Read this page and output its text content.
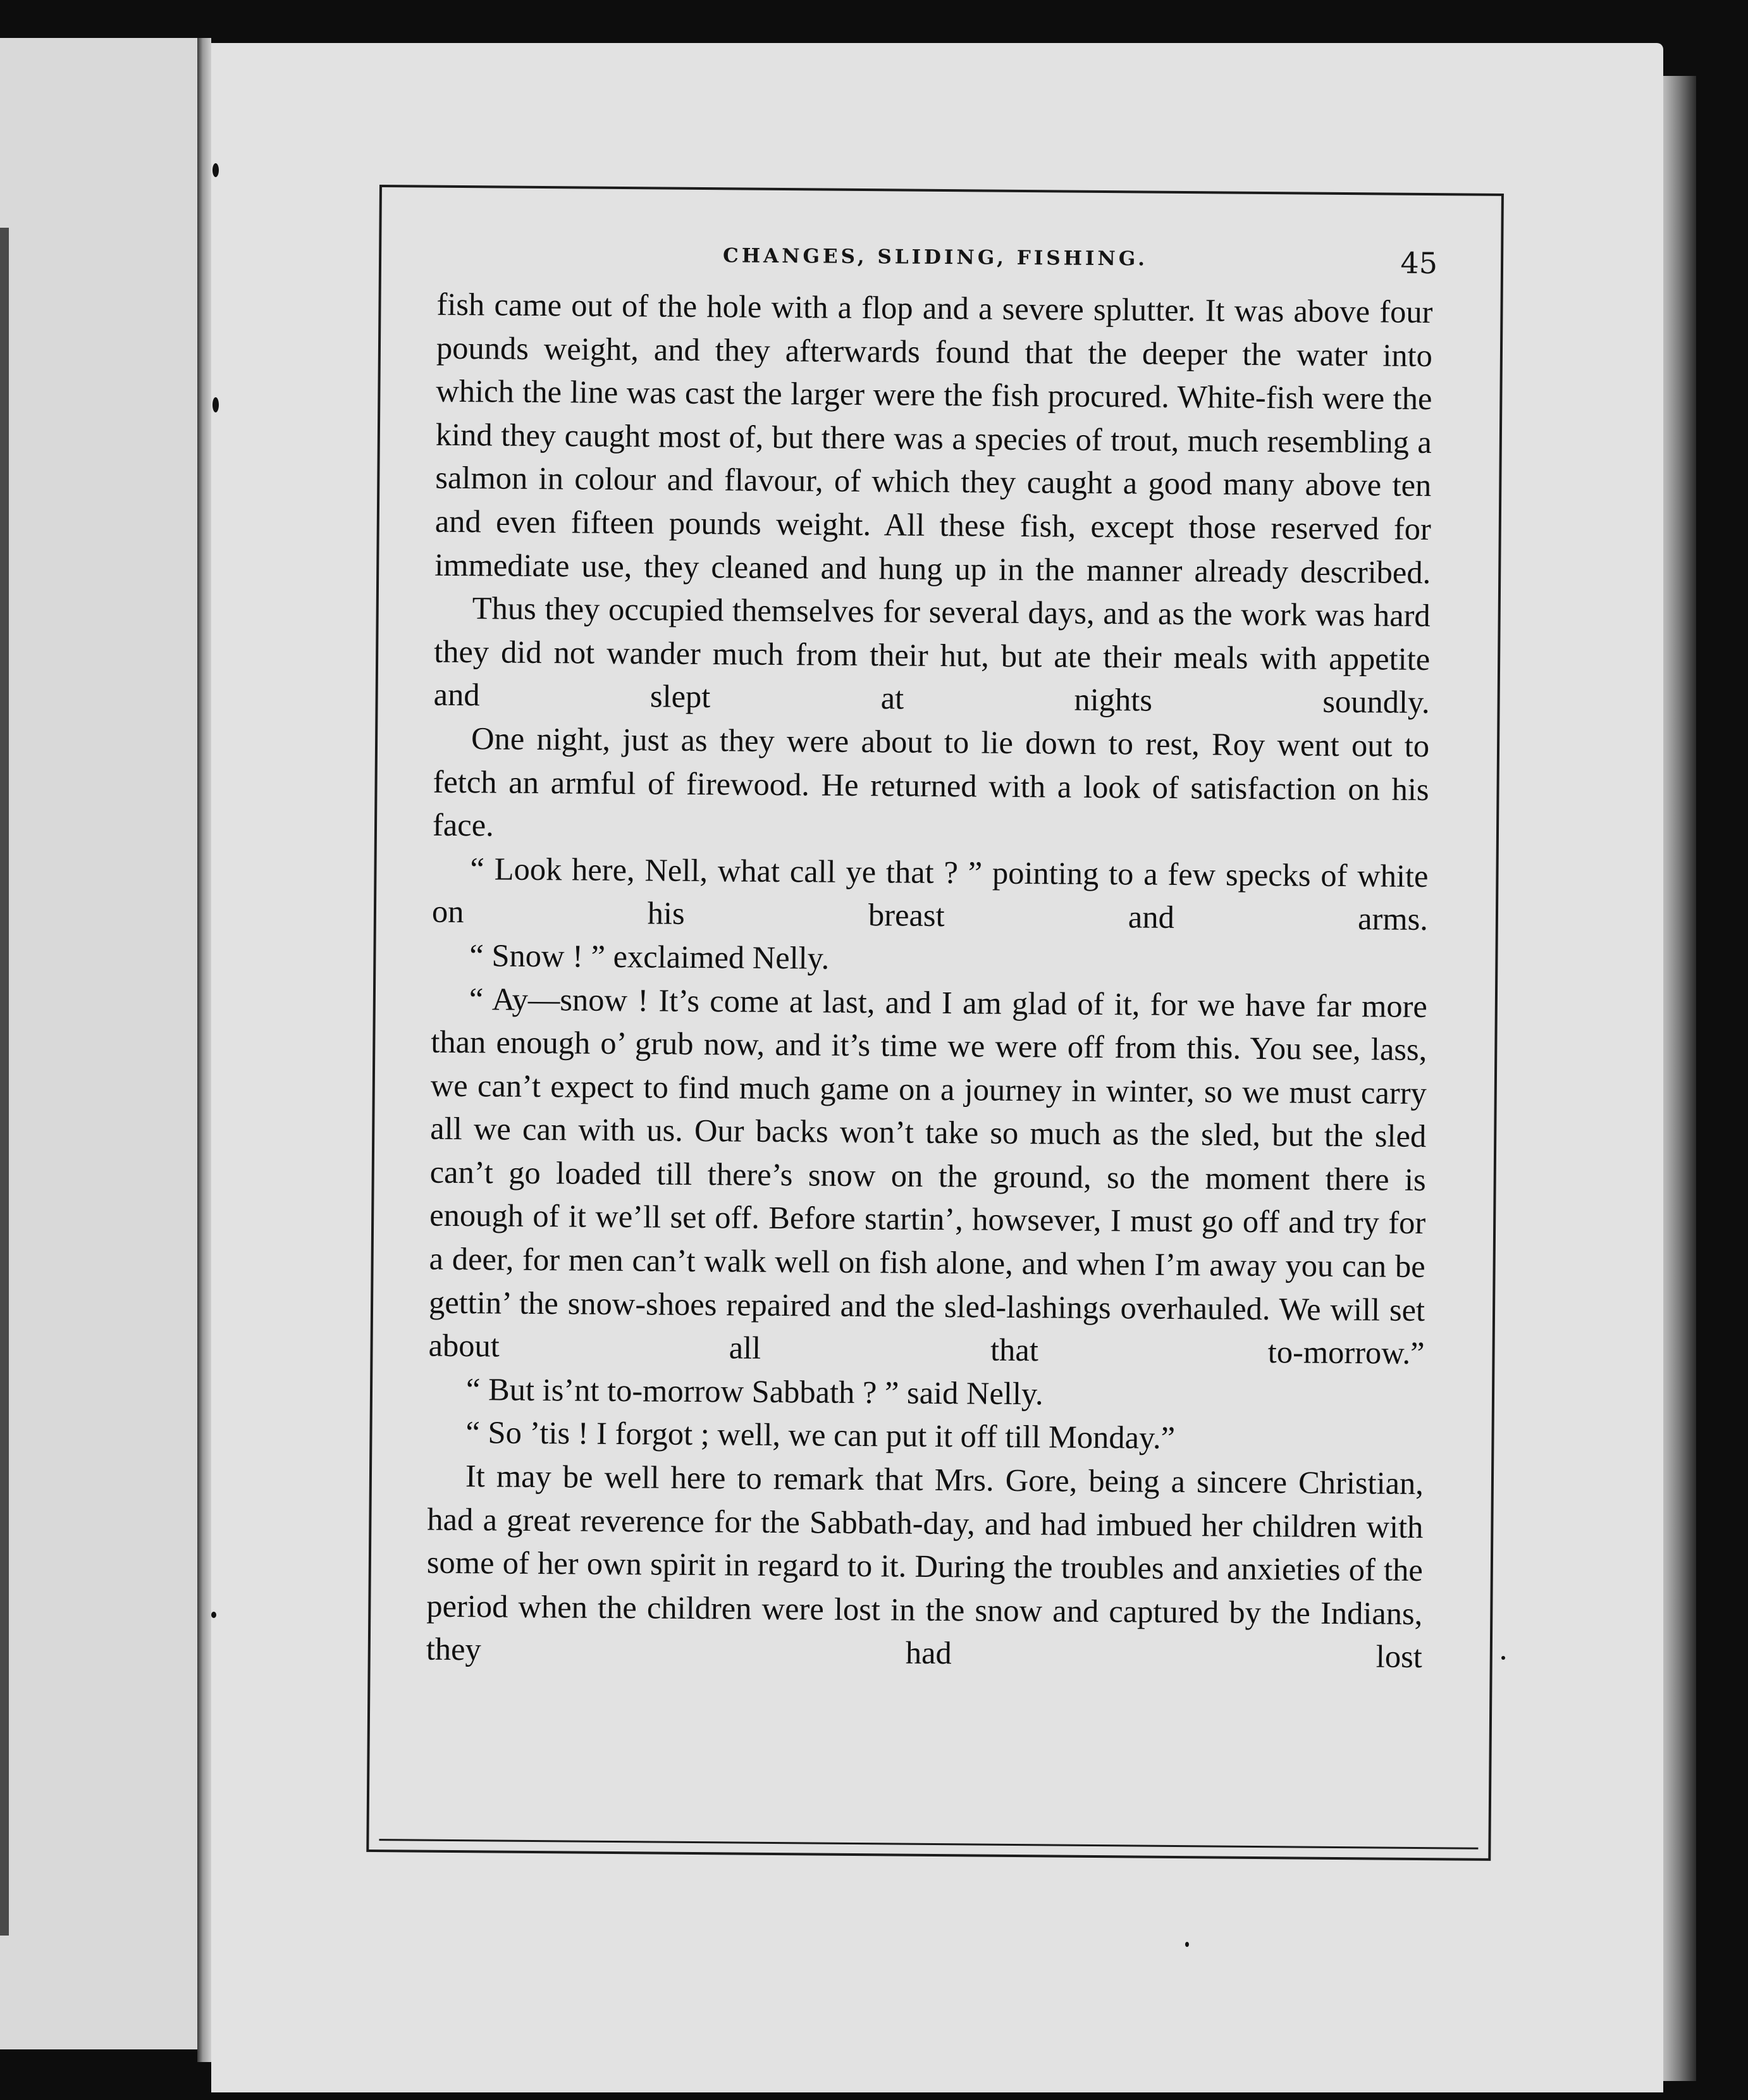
CHANGES, SLIDING, FISHING.	45

fish came out of the hole with a flop and a severe splutter. It was above four pounds weight, and they afterwards found that the deeper the water into which the line was cast the larger were the fish procured. White-fish were the kind they caught most of, but there was a species of trout, much resembling a salmon in colour and flavour, of which they caught a good many above ten and even fifteen pounds weight. All these fish, except those reserved for immediate use, they cleaned and hung up in the manner already described.

Thus they occupied themselves for several days, and as the work was hard they did not wander much from their hut, but ate their meals with appetite and slept at nights soundly.

One night, just as they were about to lie down to rest, Roy went out to fetch an armful of firewood. He returned with a look of satisfaction on his face.

“ Look here, Nell, what call ye that ? ” pointing to a few specks of white on his breast and arms.

“ Snow ! ” exclaimed Nelly.

“ Ay—snow ! It’s come at last, and I am glad of it, for we have far more than enough o’ grub now, and it’s time we were off from this. You see, lass, we can’t expect to find much game on a journey in winter, so we must carry all we can with us. Our backs won’t take so much as the sled, but the sled can’t go loaded till there’s snow on the ground, so the moment there is enough of it we’ll set off. Before startin’, howsever, I must go off and try for a deer, for men can’t walk well on fish alone, and when I’m away you can be gettin’ the snow-shoes repaired and the sled-lashings overhauled. We will set about all that to-morrow.”

“ But is’nt to-morrow Sabbath ? ” said Nelly.

“ So ’tis ! I forgot ; well, we can put it off till Monday.”

It may be well here to remark that Mrs. Gore, being a sincere Christian, had a great reverence for the Sabbath-day, and had imbued her children with some of her own spirit in regard to it. During the troubles and anxieties of the period when the children were lost in the snow and captured by the Indians, they had lost
